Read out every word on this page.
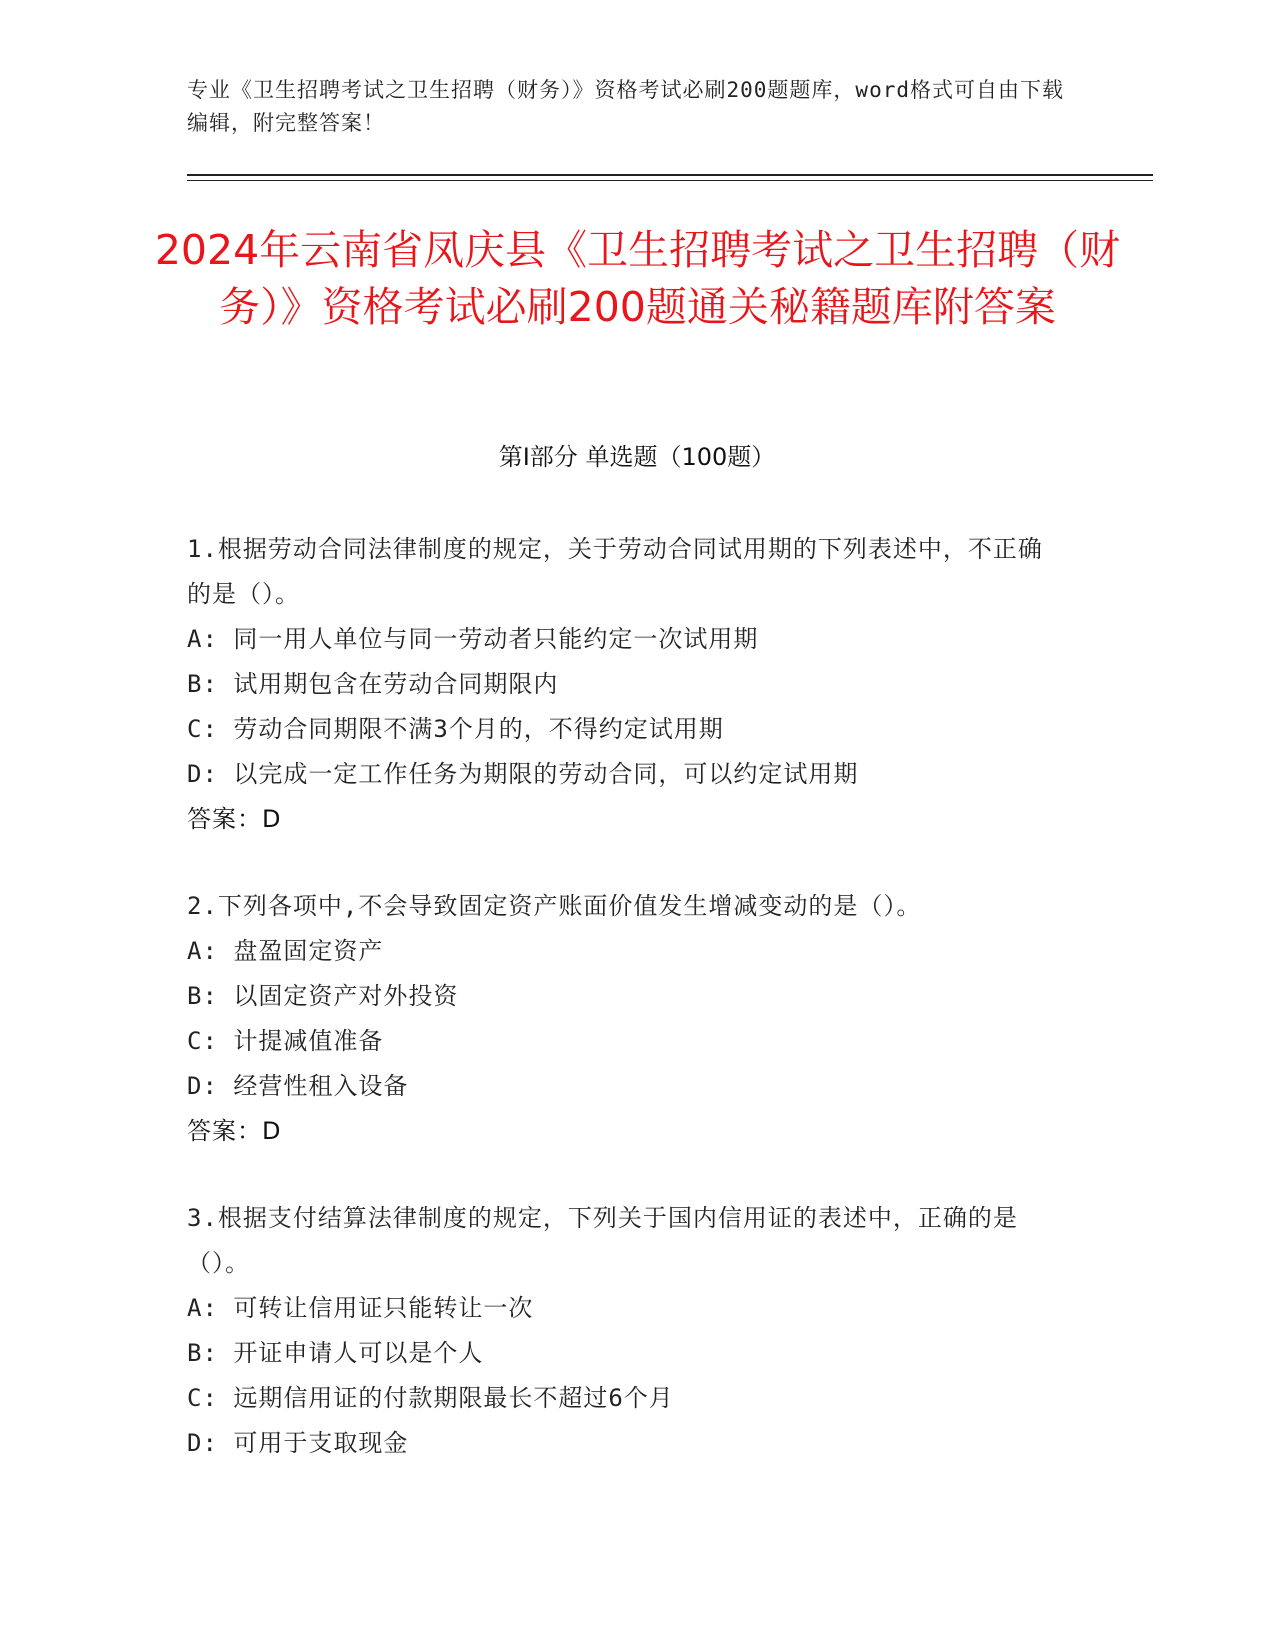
专业《卫生招聘考试之卫生招聘（财务）》资格考试必刷200题题库，word格式可自由下载编辑，附完整答案！
2024年云南省凤庆县《卫生招聘考试之卫生招聘（财务）》资格考试必刷200题通关秘籍题库附答案
第Ⅰ部分 单选题（100题）

1.根据劳动合同法律制度的规定，关于劳动合同试用期的下列表述中，不正确的是（）。

A: 同一用人单位与同一劳动者只能约定一次试用期

B: 试用期包含在劳动合同期限内

C: 劳动合同期限不满3个月的，不得约定试用期

D: 以完成一定工作任务为期限的劳动合同，可以约定试用期

答案：D

2.下列各项中,不会导致固定资产账面价值发生增减变动的是（）。

A: 盘盈固定资产

B: 以固定资产对外投资

C: 计提减值准备

D: 经营性租入设备

答案：D

3.根据支付结算法律制度的规定，下列关于国内信用证的表述中，正确的是（）。

A: 可转让信用证只能转让一次

B: 开证申请人可以是个人

C: 远期信用证的付款期限最长不超过6个月

D: 可用于支取现金
